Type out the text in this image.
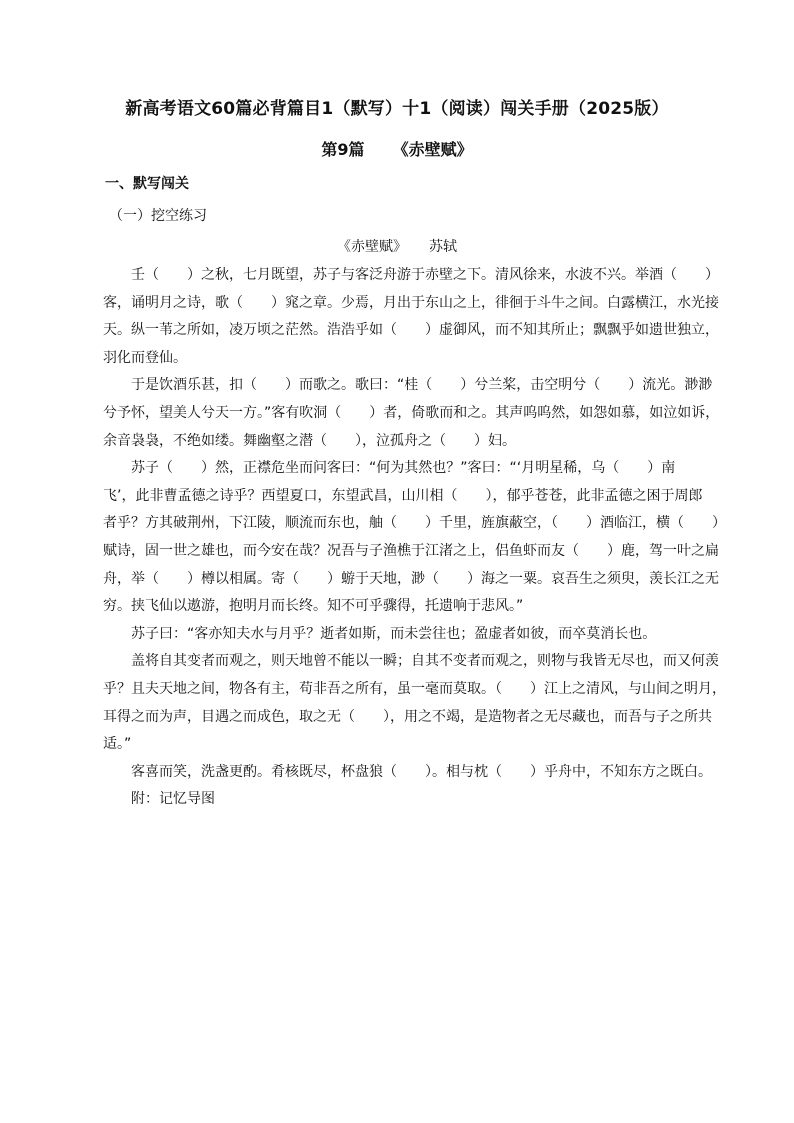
新高考语文60篇必背篇目1（默写）十1（阅读）闯关手册（2025版）
第9篇 《赤壁赋》
一、默写闯关
（一）挖空练习
《赤壁赋》 苏轼

　　壬（　　）之秋，七月既望，苏子与客泛舟游于赤壁之下。清风徐来，水波不兴。举酒（　　）

客，诵明月之诗，歌（　　）窕之章。少焉，月出于东山之上，徘徊于斗牛之间。白露横江，水光接

天。纵一苇之所如，凌万顷之茫然。浩浩乎如（　　）虚御风，而不知其所止；飘飘乎如遗世独立，

羽化而登仙。

　　于是饮酒乐甚，扣（　　）而歌之。歌曰：“桂（　　）兮兰桨，击空明兮（　　）流光。渺渺

兮予怀，望美人兮天一方。”客有吹洞（　　）者，倚歌而和之。其声呜呜然，如怨如慕，如泣如诉，

余音袅袅，不绝如缕。舞幽壑之潜（　　），泣孤舟之（　　）妇。

　　苏子（　　）然，正襟危坐而问客曰：“何为其然也？”客曰：“‘月明星稀，乌（　　）南

飞’，此非曹孟德之诗乎？西望夏口，东望武昌，山川相（　　），郁乎苍苍，此非孟德之困于周郎

者乎？方其破荆州，下江陵，顺流而东也，舳（　　）千里，旌旗蔽空，（　　）酒临江，横（　　）

赋诗，固一世之雄也，而今安在哉？况吾与子渔樵于江渚之上，侣鱼虾而友（　　）鹿，驾一叶之扁

舟，举（　　）樽以相属。寄（　　）蝣于天地，渺（　　）海之一粟。哀吾生之须臾，羡长江之无

穷。挟飞仙以遨游，抱明月而长终。知不可乎骤得，托遗响于悲风。”

　　苏子曰：“客亦知夫水与月乎？逝者如斯，而未尝往也；盈虚者如彼，而卒莫消长也。

　　盖将自其变者而观之，则天地曾不能以一瞬；自其不变者而观之，则物与我皆无尽也，而又何羡

乎？且夫天地之间，物各有主，苟非吾之所有，虽一毫而莫取。（　　）江上之清风，与山间之明月，

耳得之而为声，目遇之而成色，取之无（　　），用之不竭，是造物者之无尽藏也，而吾与子之所共

适。”

　　客喜而笑，洗盏更酌。肴核既尽，杯盘狼（　　）。相与枕（　　）乎舟中，不知东方之既白。

　　附：记忆导图
